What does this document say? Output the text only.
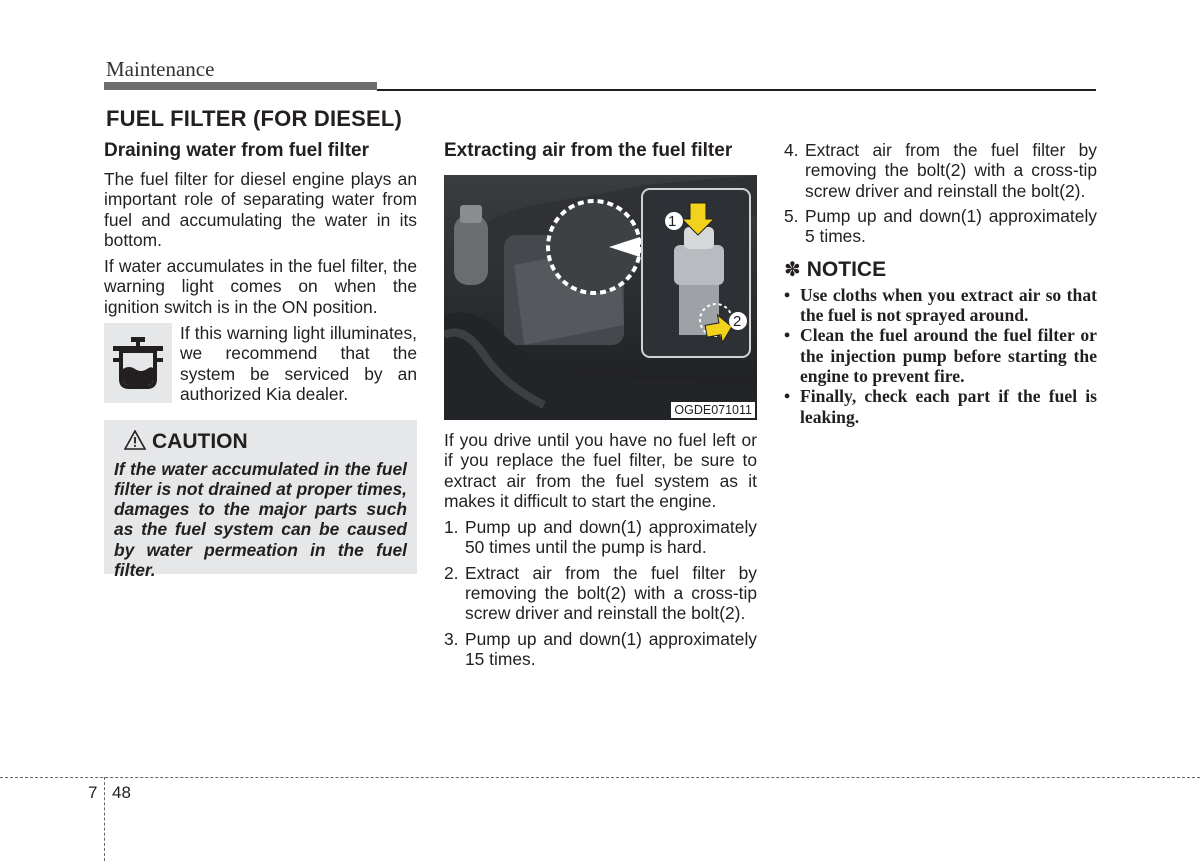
Maintenance
FUEL FILTER (FOR DIESEL)
Draining water from fuel filter

The fuel filter for diesel engine plays an important role of separating water from fuel and accumulating the water in its bottom.

If water accumulates in the fuel filter, the warning light comes on when the ignition switch is in the ON position.

If this warning light illuminates, we recommend that the system be serviced by an authorized Kia dealer.
CAUTION
If the water accumulated in the fuel filter is not drained at proper times, damages to the major parts such as the fuel system can be caused by water permeation in the fuel filter.
Extracting air from the fuel filter
1
2
OGDE071011

If you drive until you have no fuel left or if you replace the fuel filter, be sure to extract air from the fuel system as it makes it difficult to start the engine.

1. Pump up and down(1) approximately 50 times until the pump is hard.
2. Extract air from the fuel filter by removing the bolt(2) with a cross-tip screw driver and reinstall the bolt(2).
3. Pump up and down(1) approximately 15 times.
4. Extract air from the fuel filter by removing the bolt(2) with a cross-tip screw driver and reinstall the bolt(2).
5. Pump up and down(1) approximately 5 times.
✽ NOTICE
• Use cloths when you extract air so that the fuel is not sprayed around.
• Clean the fuel around the fuel filter or the injection pump before starting the engine to prevent fire.
• Finally, check each part if the fuel is leaking.
7 48
